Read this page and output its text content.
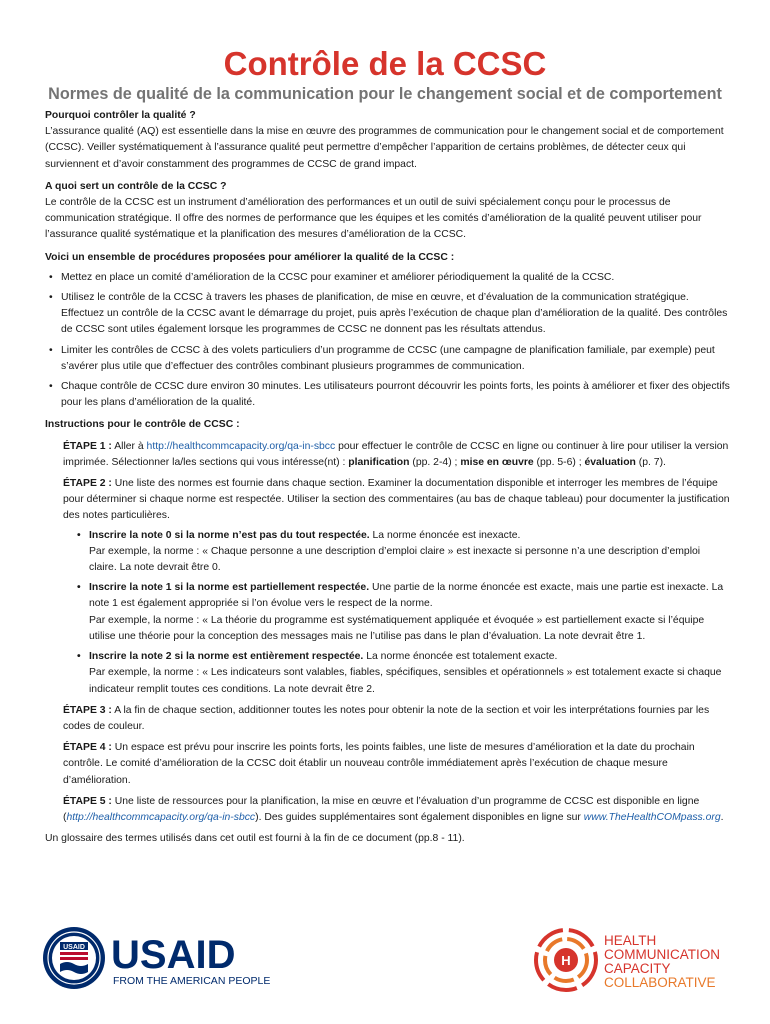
Contrôle de la CCSC
Normes de qualité de la communication pour le changement social et de comportement

Pourquoi contrôler la qualité ?

L’assurance qualité (AQ) est essentielle dans la mise en œuvre des programmes de communication pour le changement social et de comportement (CCSC). Veiller systématiquement à l’assurance qualité peut permettre d’empêcher l’apparition de certains problèmes, de détecter ceux qui surviennent et d’avoir constamment des programmes de CCSC de grand impact.

A quoi sert un contrôle de la CCSC ?

Le contrôle de la CCSC est un instrument d’amélioration des performances et un outil de suivi spécialement conçu pour le processus de communication stratégique. Il offre des normes de performance que les équipes et les comités d’amélioration de la qualité peuvent utiliser pour l’assurance qualité systématique et la planification des mesures d’amélioration de la CCSC.

Voici un ensemble de procédures proposées pour améliorer la qualité de la CCSC :

• Mettez en place un comité d’amélioration de la CCSC pour examiner et améliorer périodiquement la qualité de la CCSC.
• Utilisez le contrôle de la CCSC à travers les phases de planification, de mise en œuvre, et d’évaluation de la communication stratégique. Effectuez un contrôle de la CCSC avant le démarrage du projet, puis après l’exécution de chaque plan d’amélioration de la qualité. Des contrôles de CCSC sont utiles également lorsque les programmes de CCSC ne donnent pas les résultats attendus.
• Limiter les contrôles de CCSC à des volets particuliers d’un programme de CCSC (une campagne de planification familiale, par exemple) peut s’avérer plus utile que d’effectuer des contrôles combinant plusieurs programmes de communication.
• Chaque contrôle de CCSC dure environ 30 minutes. Les utilisateurs pourront découvrir les points forts, les points à améliorer et fixer des objectifs pour les plans d’amélioration de la qualité.

Instructions pour le contrôle de CCSC :

ÉTAPE 1 : Aller à http://healthcommcapacity.org/qa-in-sbcc pour effectuer le contrôle de CCSC en ligne ou continuer à lire pour utiliser la version imprimée. Sélectionner la/les sections qui vous intéresse(nt) : planification (pp. 2-4) ; mise en œuvre (pp. 5-6) ; évaluation (p. 7).

ÉTAPE 2 : Une liste des normes est fournie dans chaque section. Examiner la documentation disponible et interroger les membres de l’équipe pour déterminer si chaque norme est respectée. Utiliser la section des commentaires (au bas de chaque tableau) pour documenter la justification des notes particulières.

• Inscrire la note 0 si la norme n’est pas du tout respectée. La norme énoncée est inexacte.
Par exemple, la norme : « Chaque personne a une description d’emploi claire » est inexacte si personne n’a une description d’emploi claire. La note devrait être 0.
• Inscrire la note 1 si la norme est partiellement respectée. Une partie de la norme énoncée est exacte, mais une partie est inexacte. La note 1 est également appropriée si l’on évolue vers le respect de la norme.
Par exemple, la norme : « La théorie du programme est systématiquement appliquée et évoquée » est partiellement exacte si l’équipe utilise une théorie pour la conception des messages mais ne l’utilise pas dans le plan d’évaluation. La note devrait être 1.
• Inscrire la note 2 si la norme est entièrement respectée. La norme énoncée est totalement exacte.
Par exemple, la norme : « Les indicateurs sont valables, fiables, spécifiques, sensibles et opérationnels » est totalement exacte si chaque indicateur remplit toutes ces conditions. La note devrait être 2.

ÉTAPE 3 : A la fin de chaque section, additionner toutes les notes pour obtenir la note de la section et voir les interprétations fournies par les codes de couleur.

ÉTAPE 4 : Un espace est prévu pour inscrire les points forts, les points faibles, une liste de mesures d’amélioration et la date du prochain contrôle. Le comité d’amélioration de la CCSC doit établir un nouveau contrôle immédiatement après l’exécution de chaque mesure d’amélioration.

ÉTAPE 5 : Une liste de ressources pour la planification, la mise en œuvre et l’évaluation d’un programme de CCSC est disponible en ligne (http://healthcommcapacity.org/qa-in-sbcc). Des guides supplémentaires sont également disponibles en ligne sur www.TheHealthCOMpass.org.

Un glossaire des termes utilisés dans cet outil est fourni à la fin de ce document (pp.8 - 11).

USAID USAID
FROM THE AMERICAN PEOPLE
H
HEALTH
COMMUNICATION
CAPACITY
COLLABORATIVE
